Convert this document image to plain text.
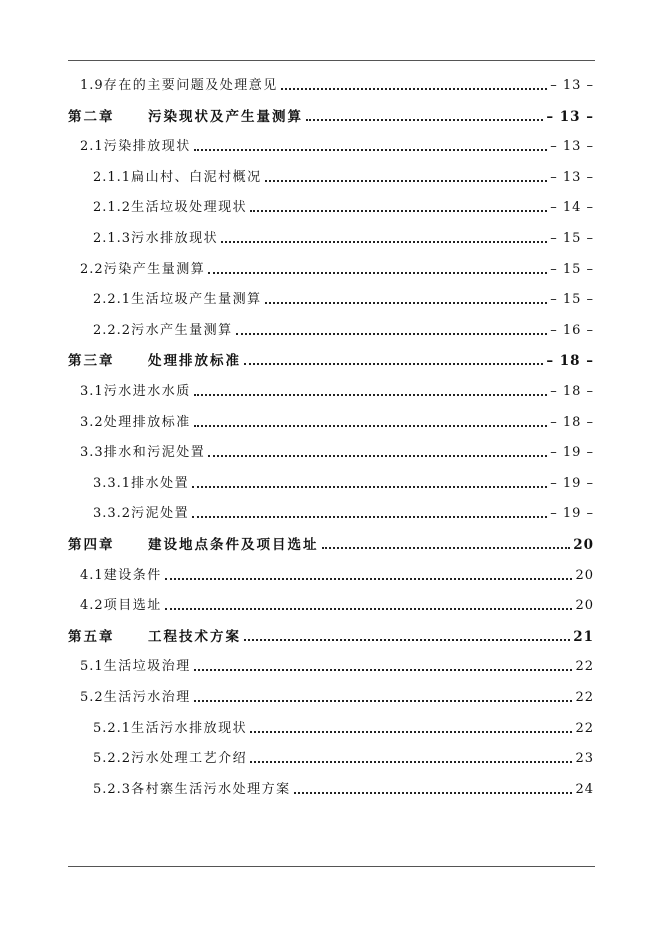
1.9 存在的主要问题及处理意见	– 13 –
第二章	污染现状及产生量测算	– 13 –
2.1 污染排放现状	– 13 –
2.1.1 扁山村、白泥村概况	– 13 –
2.1.2 生活垃圾处理现状	– 14 –
2.1.3 污水排放现状	– 15 –
2.2 污染产生量测算	– 15 –
2.2.1 生活垃圾产生量测算	– 15 –
2.2.2 污水产生量测算	– 16 –
第三章	处理排放标准	– 18 –
3.1 污水进水水质	– 18 –
3.2 处理排放标准	– 18 –
3.3 排水和污泥处置	– 19 –
3.3.1 排水处置	– 19 –
3.3.2 污泥处置	– 19 –
第四章	建设地点条件及项目选址	20
4.1 建设条件	20
4.2 项目选址	20
第五章	工程技术方案	21
5.1 生活垃圾治理	22
5.2 生活污水治理	22
5.2.1 生活污水排放现状	22
5.2.2 污水处理工艺介绍	23
5.2.3 各村寨生活污水处理方案	24
